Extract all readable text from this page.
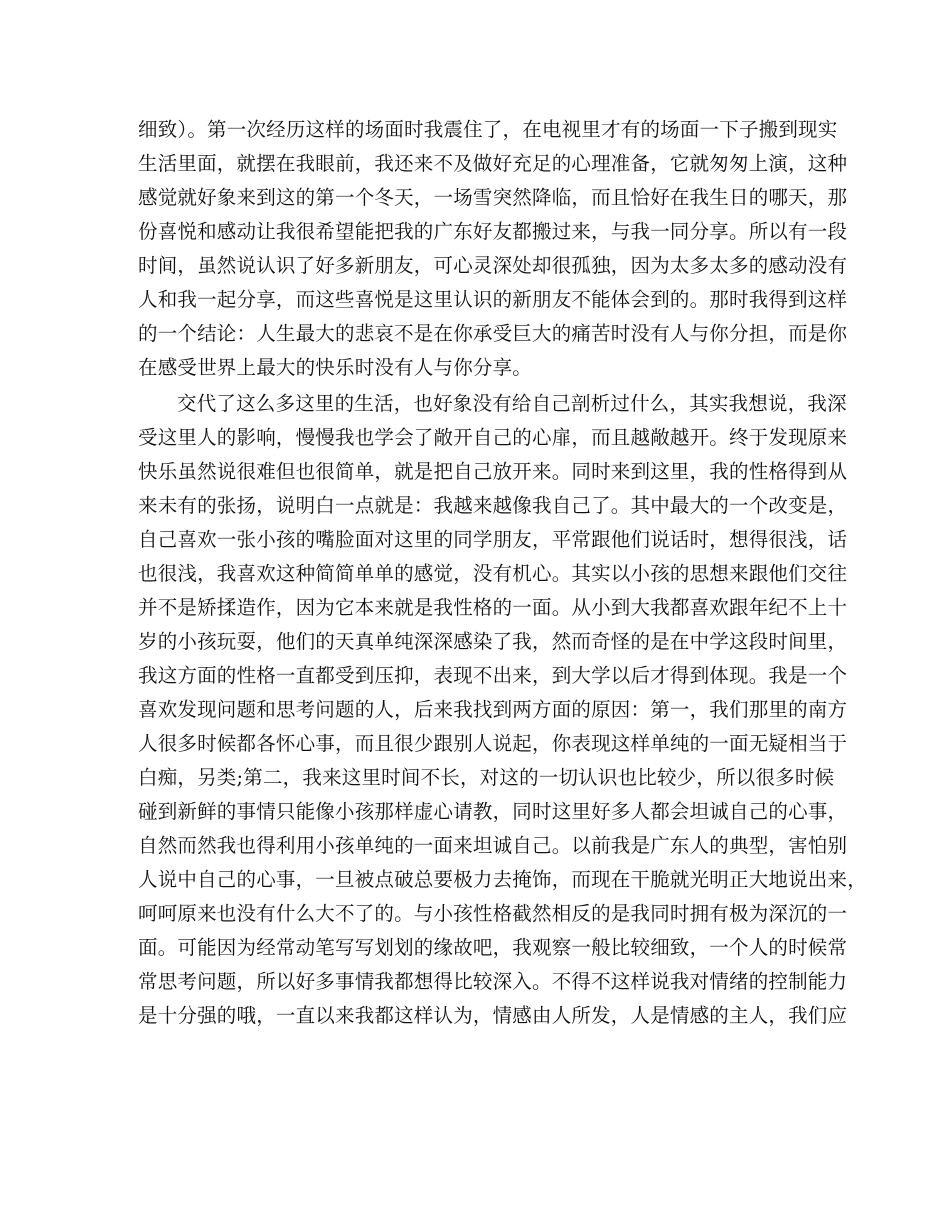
细致）。第一次经历这样的场面时我震住了，在电视里才有的场面一下子搬到现实
生活里面，就摆在我眼前，我还来不及做好充足的心理准备，它就匆匆上演，这种
感觉就好象来到这的第一个冬天，一场雪突然降临，而且恰好在我生日的哪天，那
份喜悦和感动让我很希望能把我的广东好友都搬过来，与我一同分享。所以有一段
时间，虽然说认识了好多新朋友，可心灵深处却很孤独，因为太多太多的感动没有
人和我一起分享，而这些喜悦是这里认识的新朋友不能体会到的。那时我得到这样
的一个结论：人生最大的悲哀不是在你承受巨大的痛苦时没有人与你分担，而是你
在感受世界上最大的快乐时没有人与你分享。
交代了这么多这里的生活，也好象没有给自己剖析过什么，其实我想说，我深
受这里人的影响，慢慢我也学会了敞开自己的心扉，而且越敞越开。终于发现原来
快乐虽然说很难但也很简单，就是把自己放开来。同时来到这里，我的性格得到从
来未有的张扬，说明白一点就是：我越来越像我自己了。其中最大的一个改变是，
自己喜欢一张小孩的嘴脸面对这里的同学朋友，平常跟他们说话时，想得很浅，话
也很浅，我喜欢这种简简单单的感觉，没有机心。其实以小孩的思想来跟他们交往
并不是矫揉造作，因为它本来就是我性格的一面。从小到大我都喜欢跟年纪不上十
岁的小孩玩耍，他们的天真单纯深深感染了我，然而奇怪的是在中学这段时间里，
我这方面的性格一直都受到压抑，表现不出来，到大学以后才得到体现。我是一个
喜欢发现问题和思考问题的人，后来我找到两方面的原因：第一，我们那里的南方
人很多时候都各怀心事，而且很少跟别人说起，你表现这样单纯的一面无疑相当于
白痴，另类;第二，我来这里时间不长，对这的一切认识也比较少，所以很多时候
碰到新鲜的事情只能像小孩那样虚心请教，同时这里好多人都会坦诚自己的心事，
自然而然我也得利用小孩单纯的一面来坦诚自己。以前我是广东人的典型，害怕别
人说中自己的心事，一旦被点破总要极力去掩饰，而现在干脆就光明正大地说出来，
呵呵原来也没有什么大不了的。与小孩性格截然相反的是我同时拥有极为深沉的一
面。可能因为经常动笔写写划划的缘故吧，我观察一般比较细致，一个人的时候常
常思考问题，所以好多事情我都想得比较深入。不得不这样说我对情绪的控制能力
是十分强的哦，一直以来我都这样认为，情感由人所发，人是情感的主人，我们应
